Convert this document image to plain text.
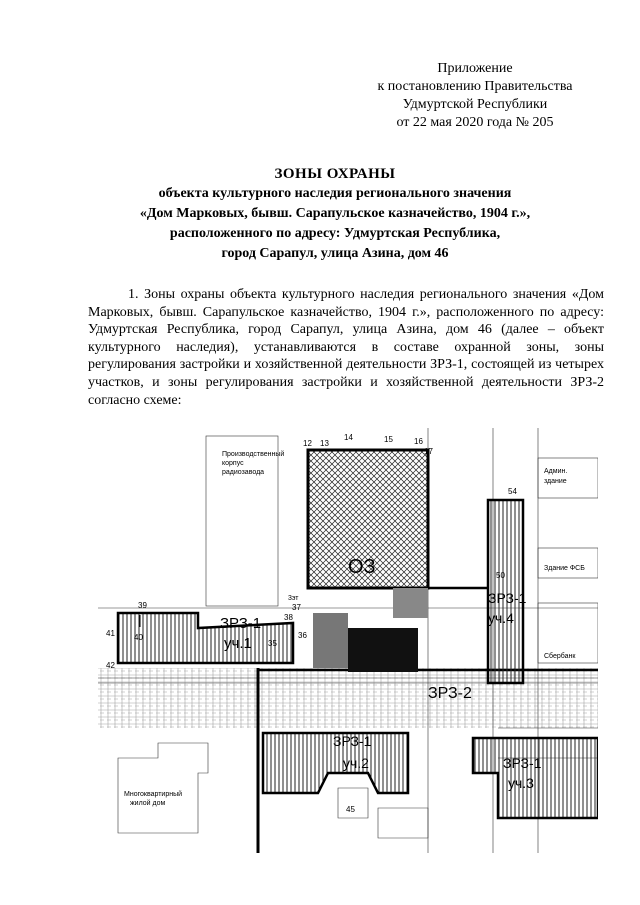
Приложение
к постановлению Правительства
Удмуртской Республики
от 22 мая 2020 года № 205
ЗОНЫ ОХРАНЫ
объекта культурного наследия регионального значения
«Дом Марковых, бывш. Сарапульское казначейство, 1904 г.»,
расположенного по адресу: Удмуртская Республика,
город Сарапул, улица Азина, дом 46
1. Зоны охраны объекта культурного наследия регионального значения «Дом Марковых, бывш. Сарапульское казначейство, 1904 г.», расположенного по адресу: Удмуртская Республика, город Сарапул, улица Азина, дом 46 (далее – объект культурного наследия), устанавливаются в составе охранной зоны, зоны регулирования застройки и хозяйственной деятельности ЗРЗ-1, состоящей из четырех участков, и зоны регулирования застройки и хозяйственной деятельности ЗРЗ-2 согласно схеме:
Производственный
корпус
радиозавода
ОЗ
ЗРЗ-1
уч.1
ЗРЗ-1
уч.4
ЗРЗ-2
ЗРЗ-1
уч.2	ЗРЗ-1
уч.3
Многоквартирный
жилой дом
Админ.
здание
Здание ФСБ
Сбербанк
3эт
12 13
14	15	16
17
37
38
39
40
41
42
36
35
45
50
54
